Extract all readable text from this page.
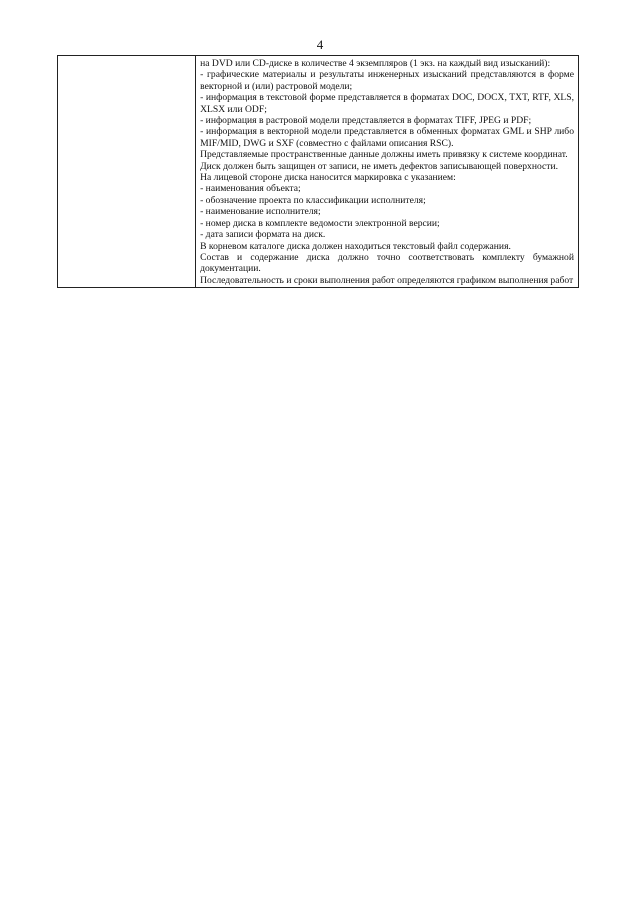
4

на DVD или CD-диске в количестве 4 экземпляров (1 экз. на каждый вид изысканий):

- графические материалы и результаты инженерных изысканий представляются в форме векторной и (или) растровой модели;

- информация в текстовой форме представляется в форматах DOC, DOCX, TXT, RTF, XLS, XLSX или ODF;

- информация в растровой модели представляется в форматах TIFF, JPEG и PDF;

- информация в векторной модели представляется в обменных форматах GML и SHP либо MIF/MID, DWG и SXF (совместно с файлами описания RSC).

Представляемые пространственные данные должны иметь привязку к системе координат.

Диск должен быть защищен от записи, не иметь дефектов записывающей поверхности.

На лицевой стороне диска наносится маркировка с указанием:

- наименования объекта;

- обозначение проекта по классификации исполнителя;

- наименование исполнителя;

- номер диска в комплекте ведомости электронной версии;

- дата записи формата на диск.

В корневом каталоге диска должен находиться текстовый файл содержания.

Состав и содержание диска должно точно соответствовать комплекту бумажной документации.

Последовательность и сроки выполнения работ определяются графиком выполнения работ
